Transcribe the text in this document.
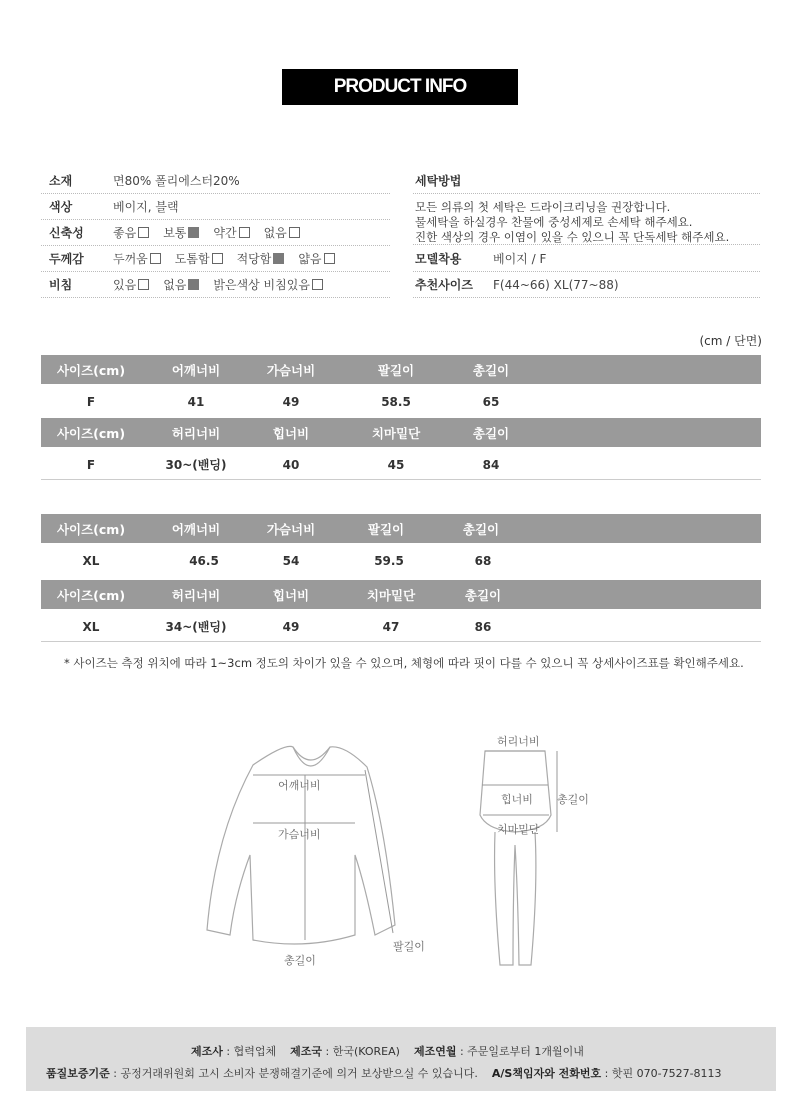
PRODUCT INFO
소재	면80% 폴리에스터20%
색상	베이지, 블랙
신축성	좋음 보통 약간 없음
두께감	두꺼움 도톰함 적당함 얇음
비침	있음 없음 밝은색상 비침있음
세탁방법
모든 의류의 첫 세탁은 드라이크리닝을 권장합니다.
물세탁을 하실경우 찬물에 중성세제로 손세탁 해주세요.
진한 색상의 경우 이염이 있을 수 있으니 꼭 단독세탁 해주세요.
모델착용	베이지 / F
추천사이즈	F(44~66) XL(77~88)
(cm / 단면)
사이즈(cm)	어깨너비	가슴너비	팔길이	총길이
F	41	49	58.5	65
사이즈(cm)	허리너비	힙너비	치마밑단	총길이
F	30~(밴딩)	40	45	84
사이즈(cm)	어깨너비	가슴너비	팔길이	총길이
XL	46.5	54	59.5	68
사이즈(cm)	허리너비	힙너비	치마밑단	총길이
XL	34~(밴딩)	49	47	86
* 사이즈는 측정 위치에 따라 1~3cm 정도의 차이가 있을 수 있으며, 체형에 따라 핏이 다를 수 있으니 꼭 상세사이즈표를 확인해주세요.
어깨너비
가슴너비
총길이
팔길이
허리너비
힙너비
치마밑단
총길이
제조사 : 협력업체 제조국 : 한국(KOREA) 제조연월 : 주문일로부터 1개월이내
품질보증기준 : 공정거래위원회 고시 소비자 분쟁해결기준에 의거 보상받으실 수 있습니다. A/S책임자와 전화번호 : 핫핀 070-7527-8113
